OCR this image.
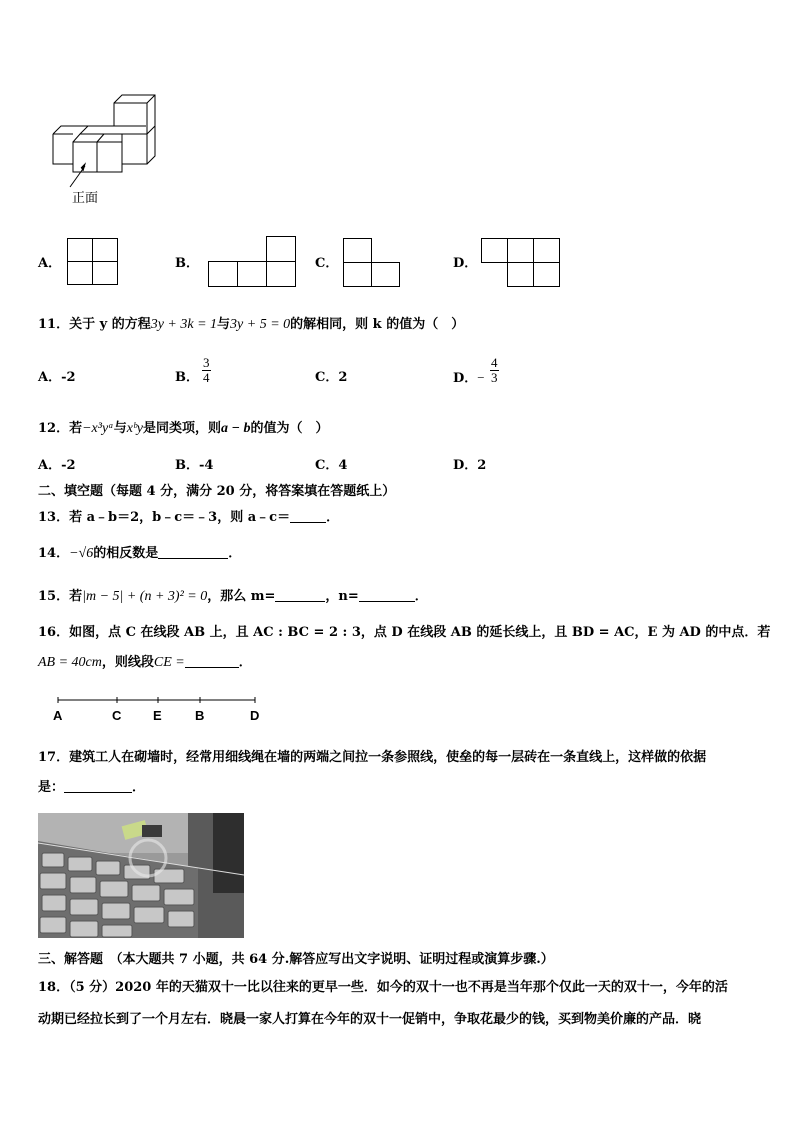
正面
A．	B．	C．	D．
11．关于 y 的方程3y + 3k = 1与3y + 5 = 0的解相同，则 k 的值为（　）
A．-2	B． $\frac{3}{4}$	C．2	D．− $\frac{4}{3}$
12．若−x³yᵃ与xᵇy是同类项，则a − b的值为（　）
A．-2	B．-4	C．4	D．2
二、填空题（每题 4 分，满分 20 分，将答案填在答题纸上）
13．若 a﹣b＝2，b﹣c＝﹣3，则 a﹣c＝	．
14．−√6的相反数是	．
15．若|m − 5| + (n + 3)² = 0，那么 m=	，n=	．
16．如图，点 C 在线段 AB 上，且 AC : BC = 2 : 3，点 D 在线段 AB 的延长线上，且 BD = AC，E 为 AD 的中点．若
AB = 40cm，则线段CE =	．
A	C E	B	D
17．建筑工人在砌墙时，经常用细线绳在墙的两端之间拉一条参照线，使垒的每一层砖在一条直线上，这样做的依据
是：	．
三、解答题　（本大题共 7 小题，共 64 分.解答应写出文字说明、证明过程或演算步骤.）
18．（5 分）2020 年的天猫双十一比以往来的更早一些．如今的双十一也不再是当年那个仅此一天的双十一，今年的活
动期已经拉长到了一个月左右．晓晨一家人打算在今年的双十一促销中，争取花最少的钱，买到物美价廉的产品．晓
